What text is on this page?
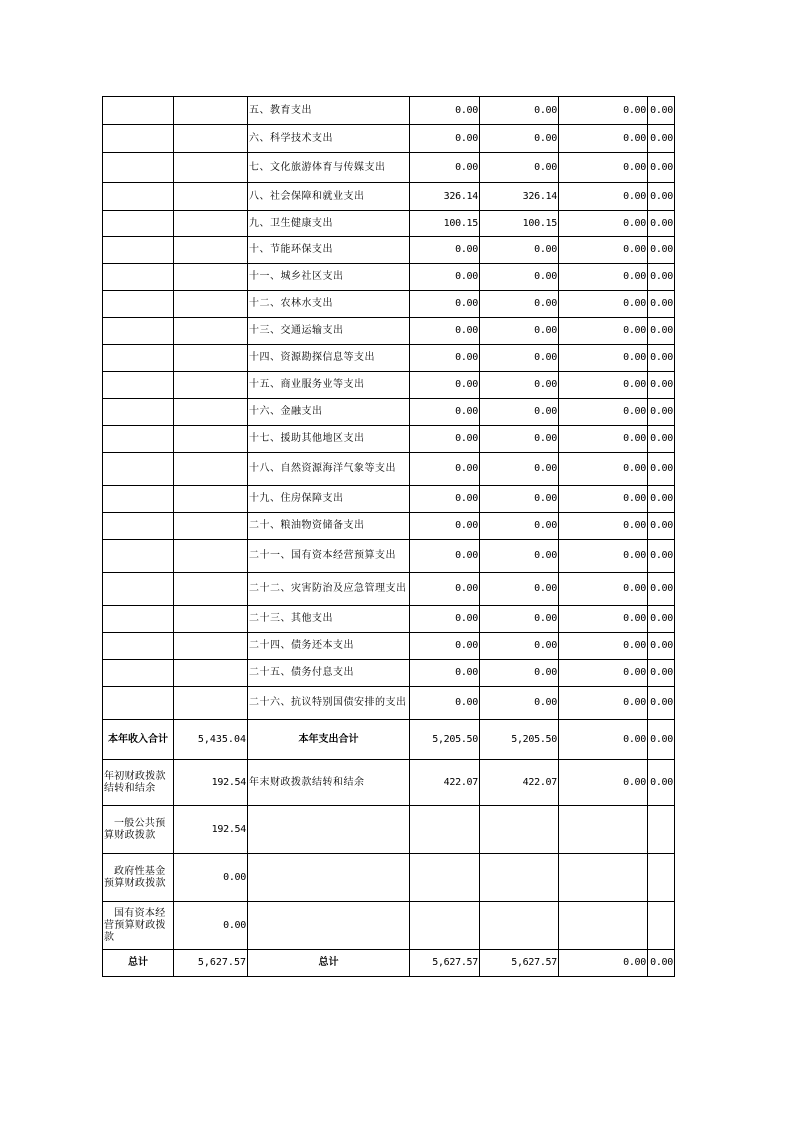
		五、教育支出	0.00	0.00	0.00	0.00
		六、科学技术支出	0.00	0.00	0.00	0.00
		七、文化旅游体育与传媒支出	0.00	0.00	0.00	0.00
		八、社会保障和就业支出	326.14	326.14	0.00	0.00
		九、卫生健康支出	100.15	100.15	0.00	0.00
		十、节能环保支出	0.00	0.00	0.00	0.00
		十一、城乡社区支出	0.00	0.00	0.00	0.00
		十二、农林水支出	0.00	0.00	0.00	0.00
		十三、交通运输支出	0.00	0.00	0.00	0.00
		十四、资源勘探信息等支出	0.00	0.00	0.00	0.00
		十五、商业服务业等支出	0.00	0.00	0.00	0.00
		十六、金融支出	0.00	0.00	0.00	0.00
		十七、援助其他地区支出	0.00	0.00	0.00	0.00
		十八、自然资源海洋气象等支出	0.00	0.00	0.00	0.00
		十九、住房保障支出	0.00	0.00	0.00	0.00
		二十、粮油物资储备支出	0.00	0.00	0.00	0.00
		二十一、国有资本经营预算支出	0.00	0.00	0.00	0.00
		二十二、灾害防治及应急管理支出	0.00	0.00	0.00	0.00
		二十三、其他支出	0.00	0.00	0.00	0.00
		二十四、债务还本支出	0.00	0.00	0.00	0.00
		二十五、债务付息支出	0.00	0.00	0.00	0.00
		二十六、抗议特别国债安排的支出	0.00	0.00	0.00	0.00
本年收入合计	5,435.04	本年支出合计	5,205.50	5,205.50	0.00	0.00
年初财政拨款结转和结余	192.54	年末财政拨款结转和结余	422.07	422.07	0.00	0.00
一般公共预算财政拨款	192.54					
政府性基金预算财政拨款	0.00					
国有资本经营预算财政拨款	0.00					
总计	5,627.57	总计	5,627.57	5,627.57	0.00	0.00
